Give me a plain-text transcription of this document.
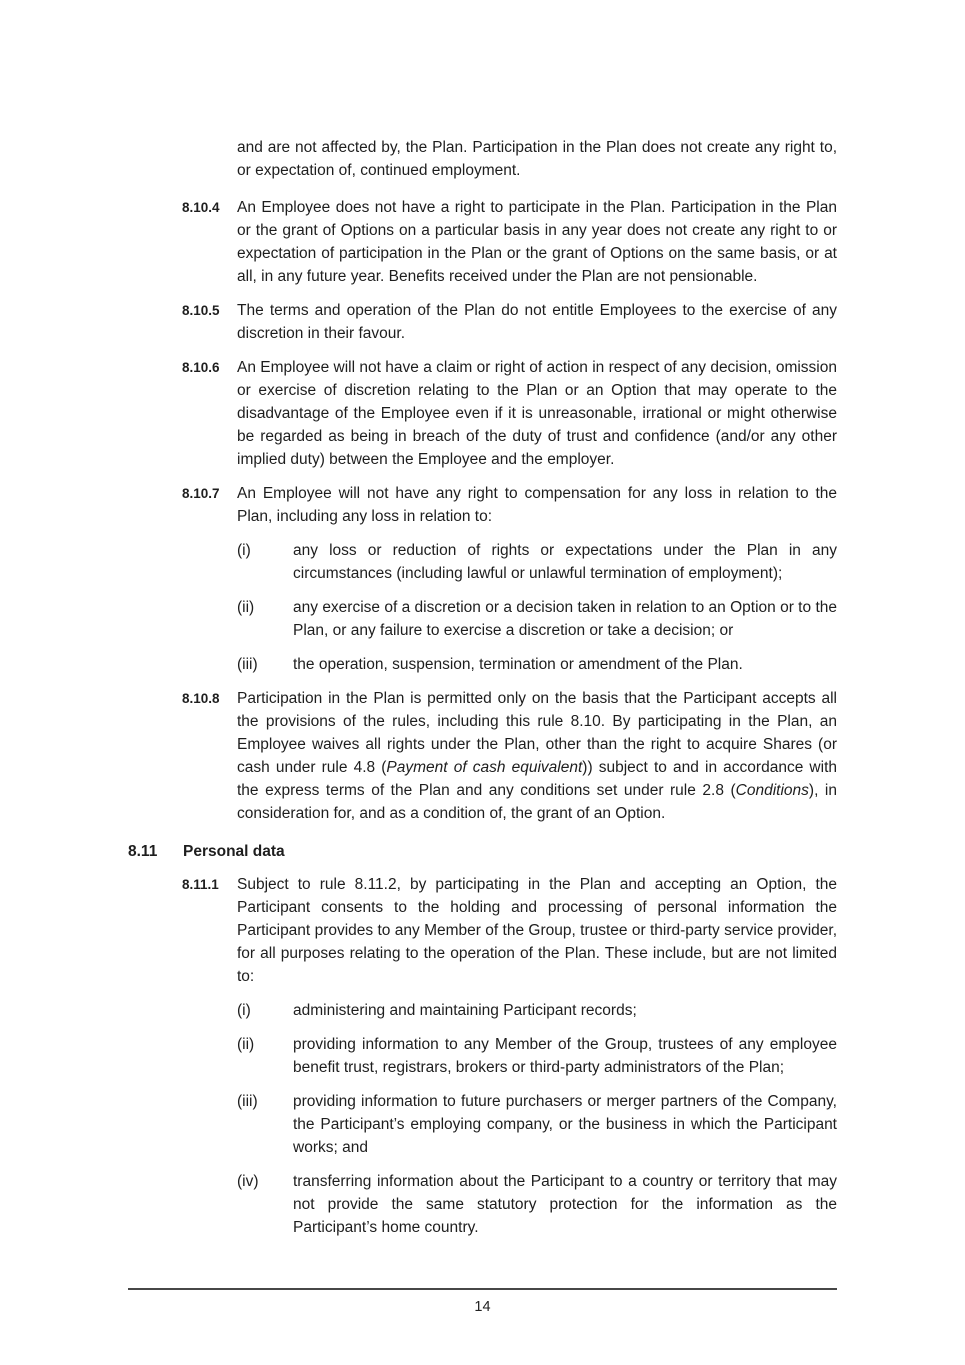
and are not affected by, the Plan. Participation in the Plan does not create any right to, or expectation of, continued employment.

8.10.4	An Employee does not have a right to participate in the Plan. Participation in the Plan or the grant of Options on a particular basis in any year does not create any right to or expectation of participation in the Plan or the grant of Options on the same basis, or at all, in any future year. Benefits received under the Plan are not pensionable.

8.10.5	The terms and operation of the Plan do not entitle Employees to the exercise of any discretion in their favour.

8.10.6	An Employee will not have a claim or right of action in respect of any decision, omission or exercise of discretion relating to the Plan or an Option that may operate to the disadvantage of the Employee even if it is unreasonable, irrational or might otherwise be regarded as being in breach of the duty of trust and confidence (and/or any other implied duty) between the Employee and the employer.

8.10.7	An Employee will not have any right to compensation for any loss in relation to the Plan, including any loss in relation to:

(i)	any loss or reduction of rights or expectations under the Plan in any circumstances (including lawful or unlawful termination of employment);

(ii)	any exercise of a discretion or a decision taken in relation to an Option or to the Plan, or any failure to exercise a discretion or take a decision; or

(iii)	the operation, suspension, termination or amendment of the Plan.

8.10.8	Participation in the Plan is permitted only on the basis that the Participant accepts all the provisions of the rules, including this rule 8.10. By participating in the Plan, an Employee waives all rights under the Plan, other than the right to acquire Shares (or cash under rule 4.8 (Payment of cash equivalent)) subject to and in accordance with the express terms of the Plan and any conditions set under rule 2.8 (Conditions), in consideration for, and as a condition of, the grant of an Option.

8.11	Personal data
8.11.1	Subject to rule 8.11.2, by participating in the Plan and accepting an Option, the Participant consents to the holding and processing of personal information the Participant provides to any Member of the Group, trustee or third-party service provider, for all purposes relating to the operation of the Plan. These include, but are not limited to:

(i)	administering and maintaining Participant records;

(ii)	providing information to any Member of the Group, trustees of any employee benefit trust, registrars, brokers or third-party administrators of the Plan;

(iii)	providing information to future purchasers or merger partners of the Company, the Participant’s employing company, or the business in which the Participant works; and

(iv)	transferring information about the Participant to a country or territory that may not provide the same statutory protection for the information as the Participant’s home country.

14
